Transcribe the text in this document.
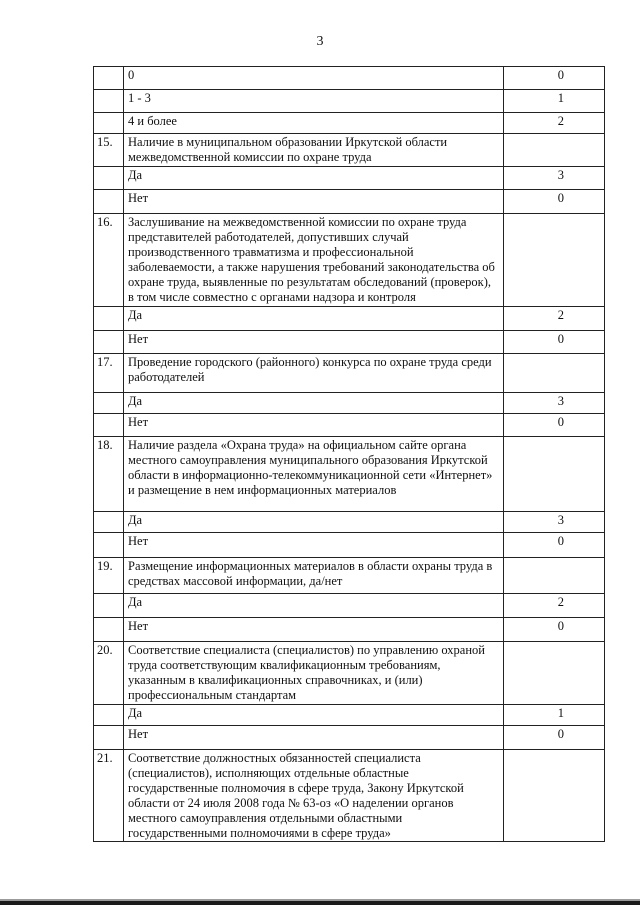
3
	0	0
	1 - 3	1
	4 и более	2
15.	Наличие в муниципальном образовании Иркутской области межведомственной комиссии по охране труда	
	Да	3
	Нет	0
16.	Заслушивание на межведомственной комиссии по охране труда представителей работодателей, допустивших случай производственного травматизма и профессиональной заболеваемости, а также нарушения требований законодательства об охране труда, выявленные по результатам обследований (проверок), в том числе совместно с органами надзора и контроля	
	Да	2
	Нет	0
17.	Проведение городского (районного) конкурса по охране труда среди работодателей	
	Да	3
	Нет	0
18.	Наличие раздела «Охрана труда» на официальном сайте органа местного самоуправления муниципального образования Иркутской области в информационно-телекоммуникационной сети «Интернет» и размещение в нем информационных материалов	
	Да	3
	Нет	0
19.	Размещение информационных материалов в области охраны труда в средствах массовой информации, да/нет	
	Да	2
	Нет	0
20.	Соответствие специалиста (специалистов) по управлению охраной труда соответствующим квалификационным требованиям, указанным в квалификационных справочниках, и (или) профессиональным стандартам	
	Да	1
	Нет	0
21.	Соответствие должностных обязанностей специалиста (специалистов), исполняющих отдельные областные государственные полномочия в сфере труда, Закону Иркутской области от 24 июля 2008 года № 63-оз «О наделении органов местного самоуправления отдельными областными государственными полномочиями в сфере труда»	
